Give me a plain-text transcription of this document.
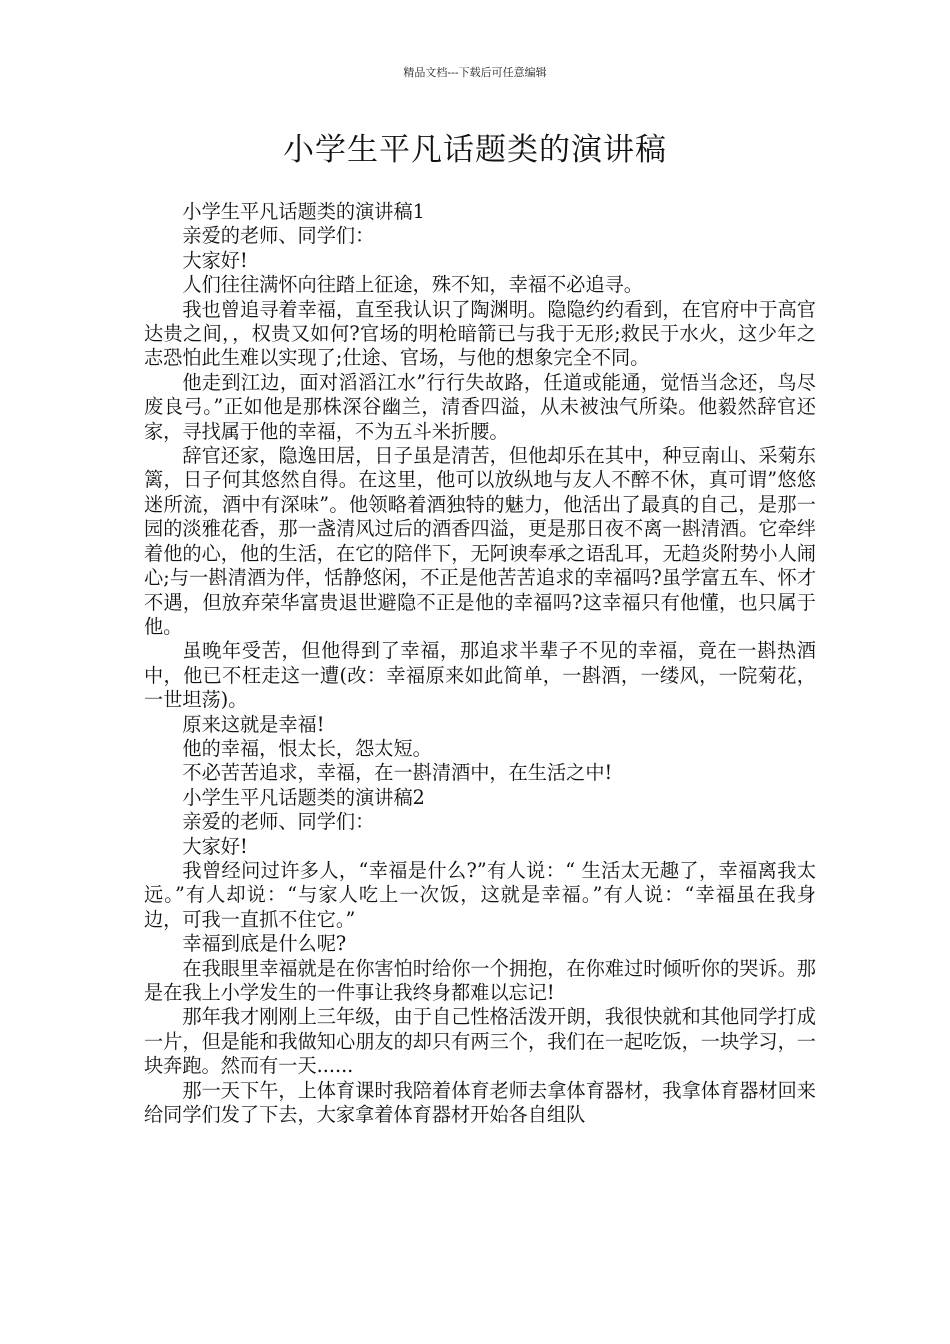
精品文档---下载后可任意编辑
小学生平凡话题类的演讲稿

小学生平凡话题类的演讲稿1

亲爱的老师、同学们：

大家好!

人们往往满怀向往踏上征途，殊不知，幸福不必追寻。

我也曾追寻着幸福，直至我认识了陶渊明。隐隐约约看到，在官府中于高官达贵之间，，权贵又如何?官场的明枪暗箭已与我于无形;救民于水火，这少年之志恐怕此生难以实现了;仕途、官场，与他的想象完全不同。

他走到江边，面对滔滔江水”行行失故路，任道或能通，觉悟当念还，鸟尽废良弓。”正如他是那株深谷幽兰，清香四溢，从未被浊气所染。他毅然辞官还家，寻找属于他的幸福，不为五斗米折腰。

辞官还家，隐逸田居，日子虽是清苦，但他却乐在其中，种豆南山、采菊东篱，日子何其悠然自得。在这里，他可以放纵地与友人不醉不休，真可谓”悠悠迷所流，酒中有深味”。他领略着酒独特的魅力，他活出了最真的自己，是那一园的淡雅花香，那一盏清风过后的酒香四溢，更是那日夜不离一斟清酒。它牵绊着他的心，他的生活，在它的陪伴下，无阿谀奉承之语乱耳，无趋炎附势小人闹心;与一斟清酒为伴，恬静悠闲，不正是他苦苦追求的幸福吗?虽学富五车、怀才不遇，但放弃荣华富贵退世避隐不正是他的幸福吗?这幸福只有他懂，也只属于他。

虽晚年受苦，但他得到了幸福，那追求半辈子不见的幸福，竟在一斟热酒中，他已不枉走这一遭(改：幸福原来如此简单，一斟酒，一缕风，一院菊花，一世坦荡)。

原来这就是幸福!

他的幸福，恨太长，怨太短。

不必苦苦追求，幸福，在一斟清酒中，在生活之中!

小学生平凡话题类的演讲稿2

亲爱的老师、同学们：

大家好!

我曾经问过许多人，“幸福是什么?”有人说：“ 生活太无趣了，幸福离我太远。”有人却说：“与家人吃上一次饭，这就是幸福。”有人说：“幸福虽在我身边，可我一直抓不住它。”

幸福到底是什么呢?

在我眼里幸福就是在你害怕时给你一个拥抱，在你难过时倾听你的哭诉。那是在我上小学发生的一件事让我终身都难以忘记!

那年我才刚刚上三年级，由于自己性格活泼开朗，我很快就和其他同学打成一片，但是能和我做知心朋友的却只有两三个，我们在一起吃饭，一块学习，一块奔跑。然而有一天......

那一天下午，上体育课时我陪着体育老师去拿体育器材，我拿体育器材回来给同学们发了下去，大家拿着体育器材开始各自组队
